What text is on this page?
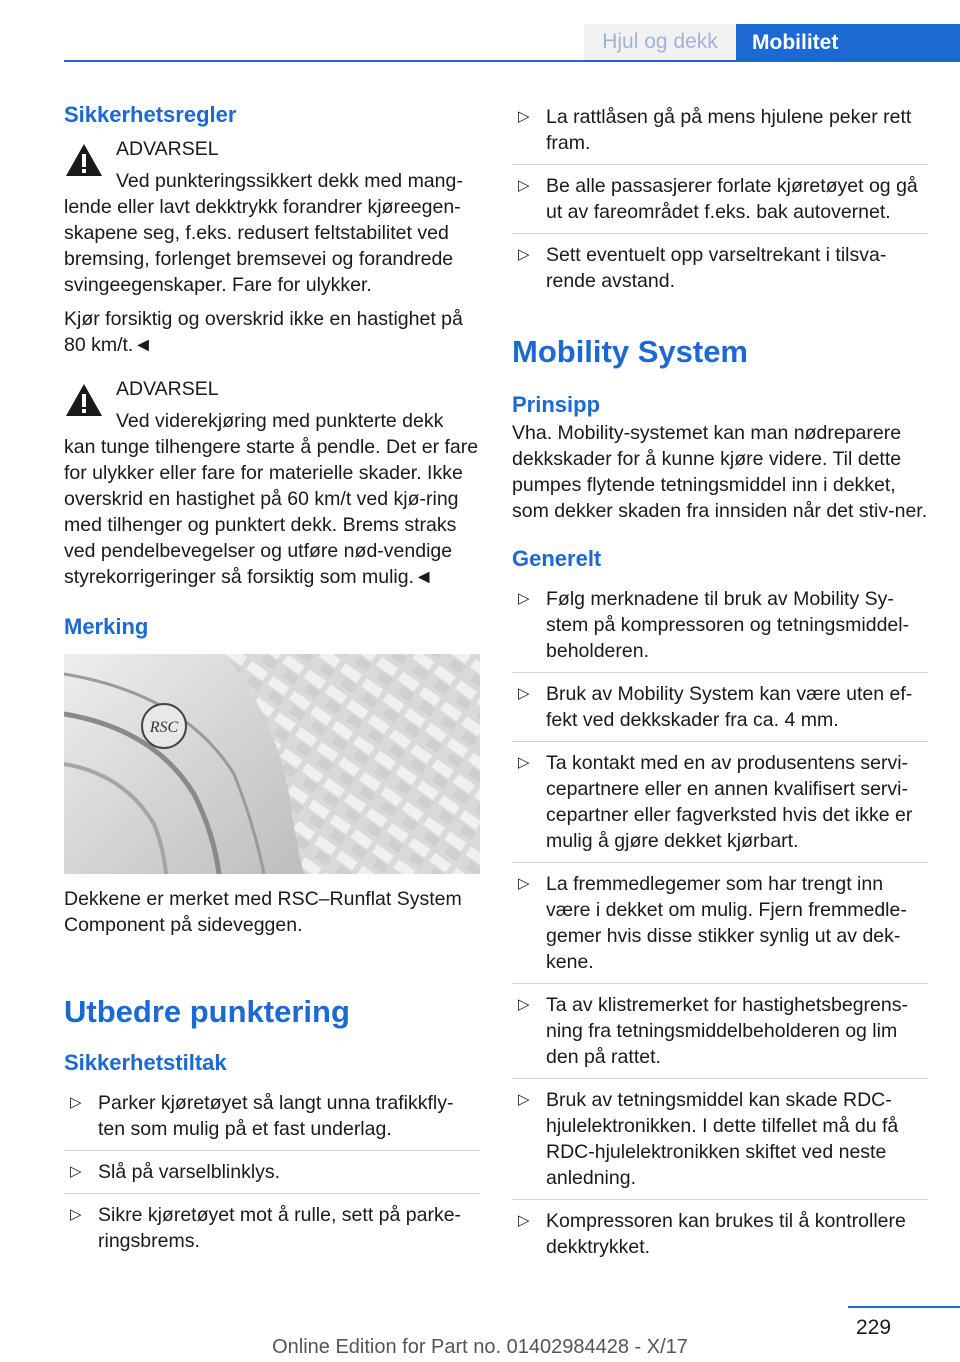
Hjul og dekk	Mobilitet
Sikkerhetsregler

ADVARSEL

Ved punkteringssikkert dekk med mang-

lende eller lavt dekktrykk forandrer kjøreegen-skapene seg, f.eks. redusert feltstabilitet ved bremsing, forlenget bremsevei og forandrede svingeegenskaper. Fare for ulykker.

Kjør forsiktig og overskrid ikke en hastighet på 80 km/t.◄

ADVARSEL

Ved viderekjøring med punkterte dekk

kan tunge tilhengere starte å pendle. Det er fare for ulykker eller fare for materielle skader. Ikke overskrid en hastighet på 60 km/t ved kjø-ring med tilhenger og punktert dekk. Brems straks ved pendelbevegelser og utføre nød-vendige styrekorrigeringer så forsiktig som mulig.◄

Merking
RSC

Dekkene er merket med RSC–Runflat System Component på sideveggen.

Utbedre punktering
Sikkerhetstiltak
▷ Parker kjøretøyet så langt unna trafikkfly-ten som mulig på et fast underlag.
▷ Slå på varselblinklys.
▷ Sikre kjøretøyet mot å rulle, sett på parke-ringsbrems.
▷ La rattlåsen gå på mens hjulene peker rett fram.
▷ Be alle passasjerer forlate kjøretøyet og gå ut av fareområdet f.eks. bak autovernet.
▷ Sett eventuelt opp varseltrekant i tilsva-rende avstand.
Mobility System
Prinsipp

Vha. Mobility-systemet kan man nødreparere dekkskader for å kunne kjøre videre. Til dette pumpes flytende tetningsmiddel inn i dekket, som dekker skaden fra innsiden når det stiv-ner.

Generelt
▷ Følg merknadene til bruk av Mobility Sy-stem på kompressoren og tetningsmiddel-beholderen.
▷ Bruk av Mobility System kan være uten ef-fekt ved dekkskader fra ca. 4 mm.
▷ Ta kontakt med en av produsentens servi-cepartnere eller en annen kvalifisert servi-cepartner eller fagverksted hvis det ikke er mulig å gjøre dekket kjørbart.
▷ La fremmedlegemer som har trengt inn være i dekket om mulig. Fjern fremmedle-gemer hvis disse stikker synlig ut av dek-kene.
▷ Ta av klistremerket for hastighetsbegrens-ning fra tetningsmiddelbeholderen og lim den på rattet.
▷ Bruk av tetningsmiddel kan skade RDC-hjulelektronikken. I dette tilfellet må du få RDC-hjulelektronikken skiftet ved neste anledning.
▷ Kompressoren kan brukes til å kontrollere dekktrykket.
229
Online Edition for Part no. 01402984428 - X/17
